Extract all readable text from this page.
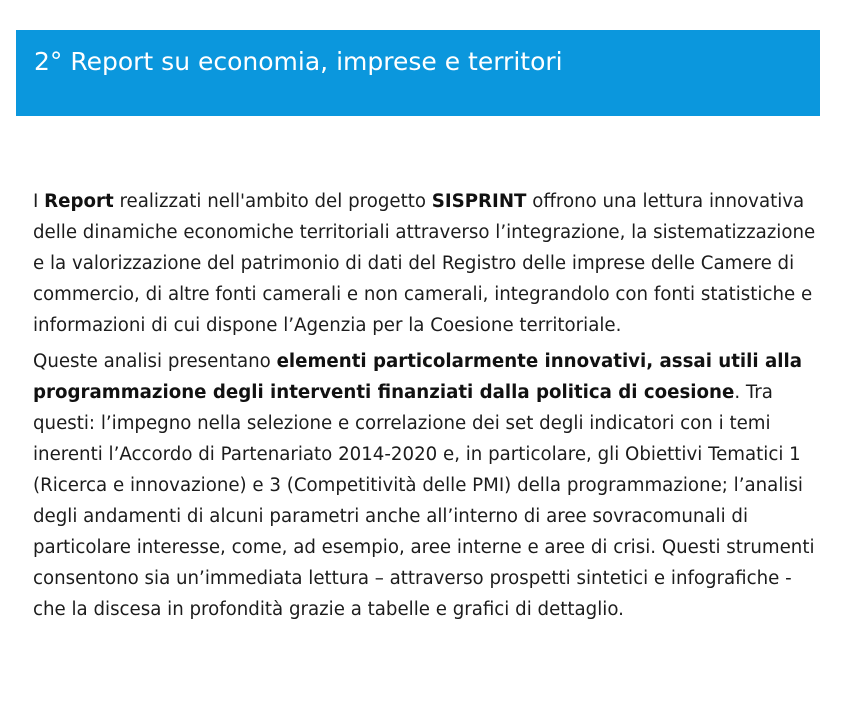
2° Report su economia, imprese e territori

I Report realizzati nell'ambito del progetto SISPRINT offrono una lettura innovativa delle dinamiche economiche territoriali attraverso l’integrazione, la sistematizzazione e la valorizzazione del patrimonio di dati del Registro delle imprese delle Camere di commercio, di altre fonti camerali e non camerali, integrandolo con fonti statistiche e informazioni di cui dispone l’Agenzia per la Coesione territoriale.

Queste analisi presentano elementi particolarmente innovativi, assai utili alla programmazione degli interventi finanziati dalla politica di coesione. Tra questi: l’impegno nella selezione e correlazione dei set degli indicatori con i temi inerenti l’Accordo di Partenariato 2014-2020 e, in particolare, gli Obiettivi Tematici 1 (Ricerca e innovazione) e 3 (Competitività delle PMI) della programmazione; l’analisi degli andamenti di alcuni parametri anche all’interno di aree sovracomunali di particolare interesse, come, ad esempio, aree interne e aree di crisi. Questi strumenti consentono sia un’immediata lettura – attraverso prospetti sintetici e infografiche - che la discesa in profondità grazie a tabelle e grafici di dettaglio.
